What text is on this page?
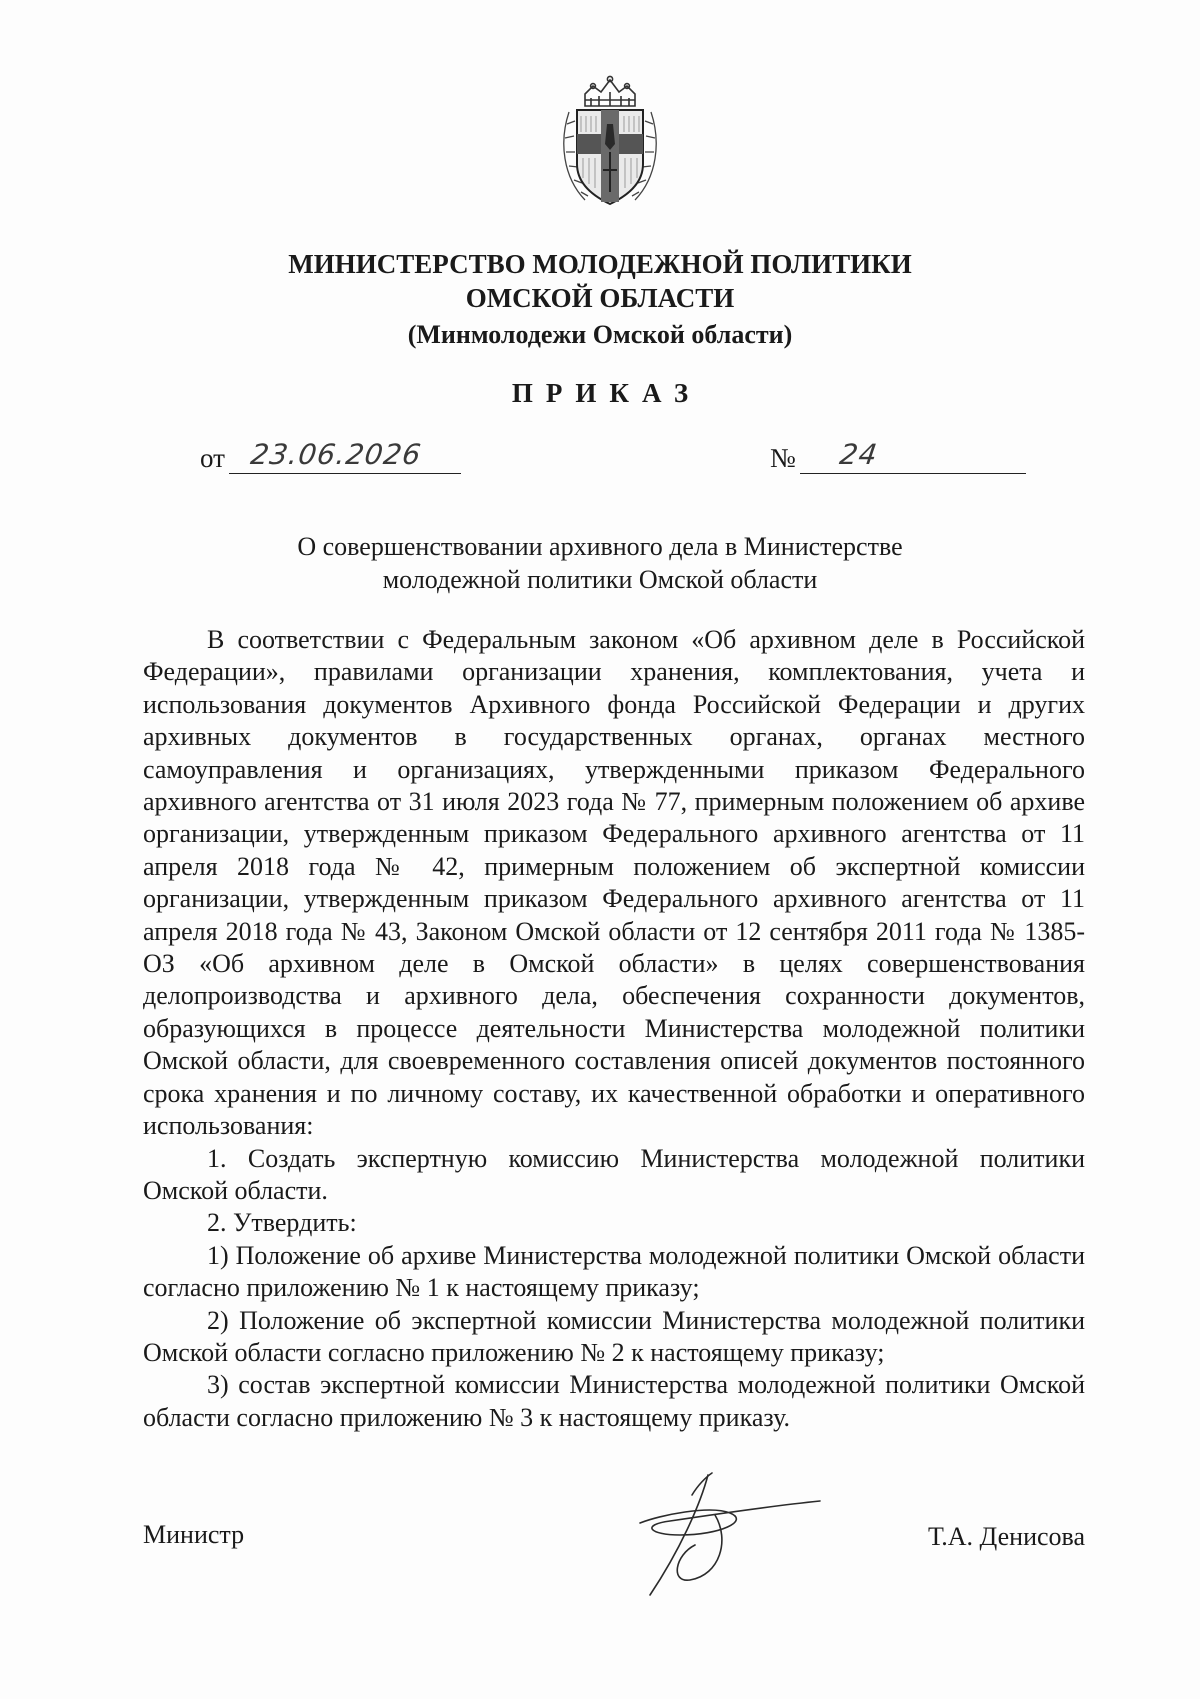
МИНИСТЕРСТВО МОЛОДЕЖНОЙ ПОЛИТИКИ
ОМСКОЙ ОБЛАСТИ
(Минмолодежи Омской области)
ПРИКАЗ
от 23.06.2026	№ 24
О совершенствовании архивного дела в Министерстве
молодежной политики Омской области

В соответствии с Федеральным законом «Об архивном деле в Российской Федерации», правилами организации хранения, комплектования, учета и использования документов Архивного фонда Российской Федерации и других архивных документов в государственных органах, органах местного самоуправления и организациях, утвержденными приказом Федерального архивного агентства от 31 июля 2023 года № 77, примерным положением об архиве организации, утвержденным приказом Федерального архивного агентства от 11 апреля 2018 года № 42, примерным положением об экспертной комиссии организации, утвержденным приказом Федерального архивного агентства от 11 апреля 2018 года № 43, Законом Омской области от 12 сентября 2011 года № 1385-ОЗ «Об архивном деле в Омской области» в целях совершенствования делопроизводства и архивного дела, обеспечения сохранности документов, образующихся в процессе деятельности Министерства молодежной политики Омской области, для своевременного составления описей документов постоянного срока хранения и по личному составу, их качественной обработки и оперативного использования:

1. Создать экспертную комиссию Министерства молодежной политики Омской области.

2. Утвердить:

1) Положение об архиве Министерства молодежной политики Омской области согласно приложению № 1 к настоящему приказу;

2) Положение об экспертной комиссии Министерства молодежной политики Омской области согласно приложению № 2 к настоящему приказу;

3) состав экспертной комиссии Министерства молодежной политики Омской области согласно приложению № 3 к настоящему приказу.

Министр	Т.А. Денисова
